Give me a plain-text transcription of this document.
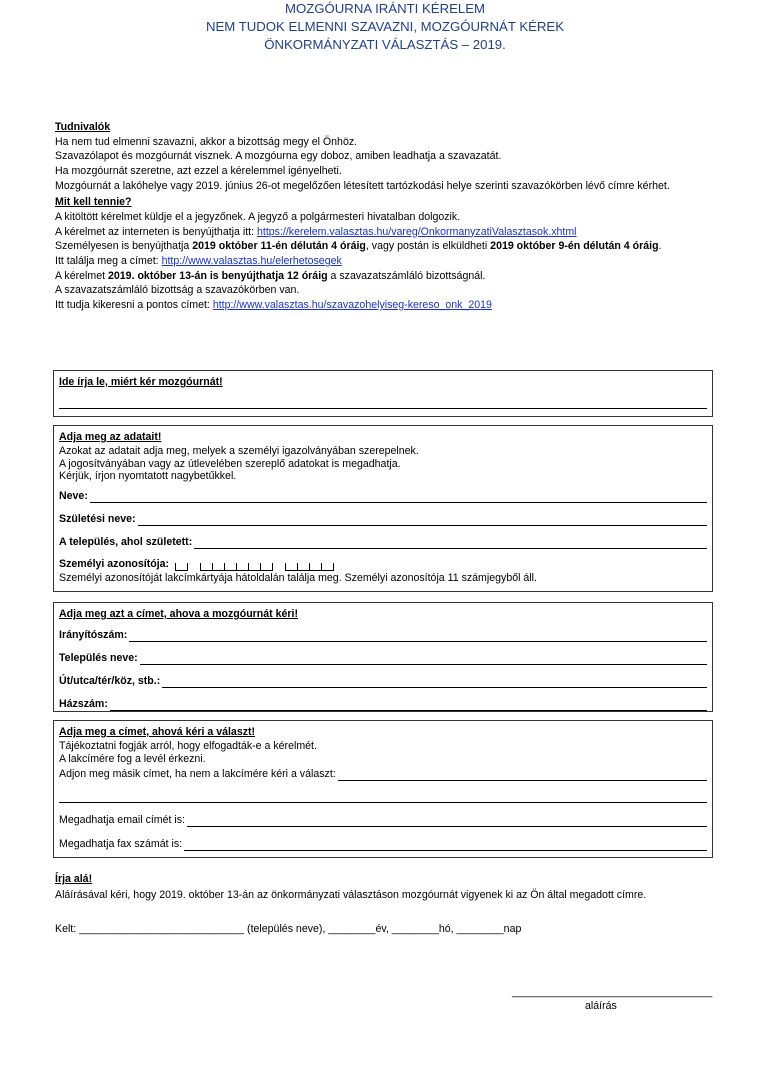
MOZGÓURNA IRÁNTI KÉRELEM
NEM TUDOK ELMENNI SZAVAZNI, MOZGÓURNÁT KÉREK
ÖNKORMÁNYZATI VÁLASZTÁS – 2019.
Tudnivalók
Ha nem tud elmenni szavazni, akkor a bizottság megy el Önhöz.
Szavazólapot és mozgóurnát visznek. A mozgóurna egy doboz, amiben leadhatja a szavazatát.
Ha mozgóurnát szeretne, azt ezzel a kérelemmel igényelheti.
Mozgóurnát a lakóhelye vagy 2019. június 26-ot megelőzően létesített tartózkodási helye szerinti szavazókörben lévő címre kérhet.
Mit kell tennie?
A kitöltött kérelmet küldje el a jegyzőnek. A jegyző a polgármesteri hivatalban dolgozik.
A kérelmet az interneten is benyújthatja itt: https://kerelem.valasztas.hu/vareg/OnkormanyzatiValasztasok.xhtml
Személyesen is benyújthatja 2019 október 11-én délután 4 óráig, vagy postán is elküldheti 2019 október 9-én délután 4 óráig.
Itt találja meg a címet: http://www.valasztas.hu/elerhetosegek
A kérelmet 2019. október 13-án is benyújthatja 12 óráig a szavazatszámláló bizottságnál.
A szavazatszámláló bizottság a szavazókörben van.
Itt tudja kikeresni a pontos címet: http://www.valasztas.hu/szavazohelyiseg-kereso_onk_2019
Ide írja le, miért kér mozgóurnát!
Adja meg az adatait!
Azokat az adatait adja meg, melyek a személyi igazolványában szerepelnek.
A jogosítványában vagy az útlevelében szereplő adatokat is megadhatja.
Kérjük, írjon nyomtatott nagybetűkkel.
Neve:
Születési neve:
A település, ahol született:
Személyi azonosítója:
Személyi azonosítóját lakcímkártyája hátoldalán találja meg. Személyi azonosítója 11 számjegyből áll.
Adja meg azt a címet, ahova a mozgóurnát kéri!
Irányítószám:
Település neve:
Út/utca/tér/köz, stb.:
Házszám:
Adja meg a címet, ahová kéri a választ!
Tájékoztatni fogják arról, hogy elfogadták-e a kérelmét.
A lakcímére fog a levél érkezni.
Adjon meg másik címet, ha nem a lakcímére kéri a választ:
Megadhatja email címét is:
Megadhatja fax számát is:
Írja alá!
Aláírásával kéri, hogy 2019. október 13-án az önkormányzati választáson mozgóurnát vigyenek ki az Ön által megadott címre.
Kelt: ____________________________ (település neve), ________év, ________hó, ________nap
__________________________________
aláírás
